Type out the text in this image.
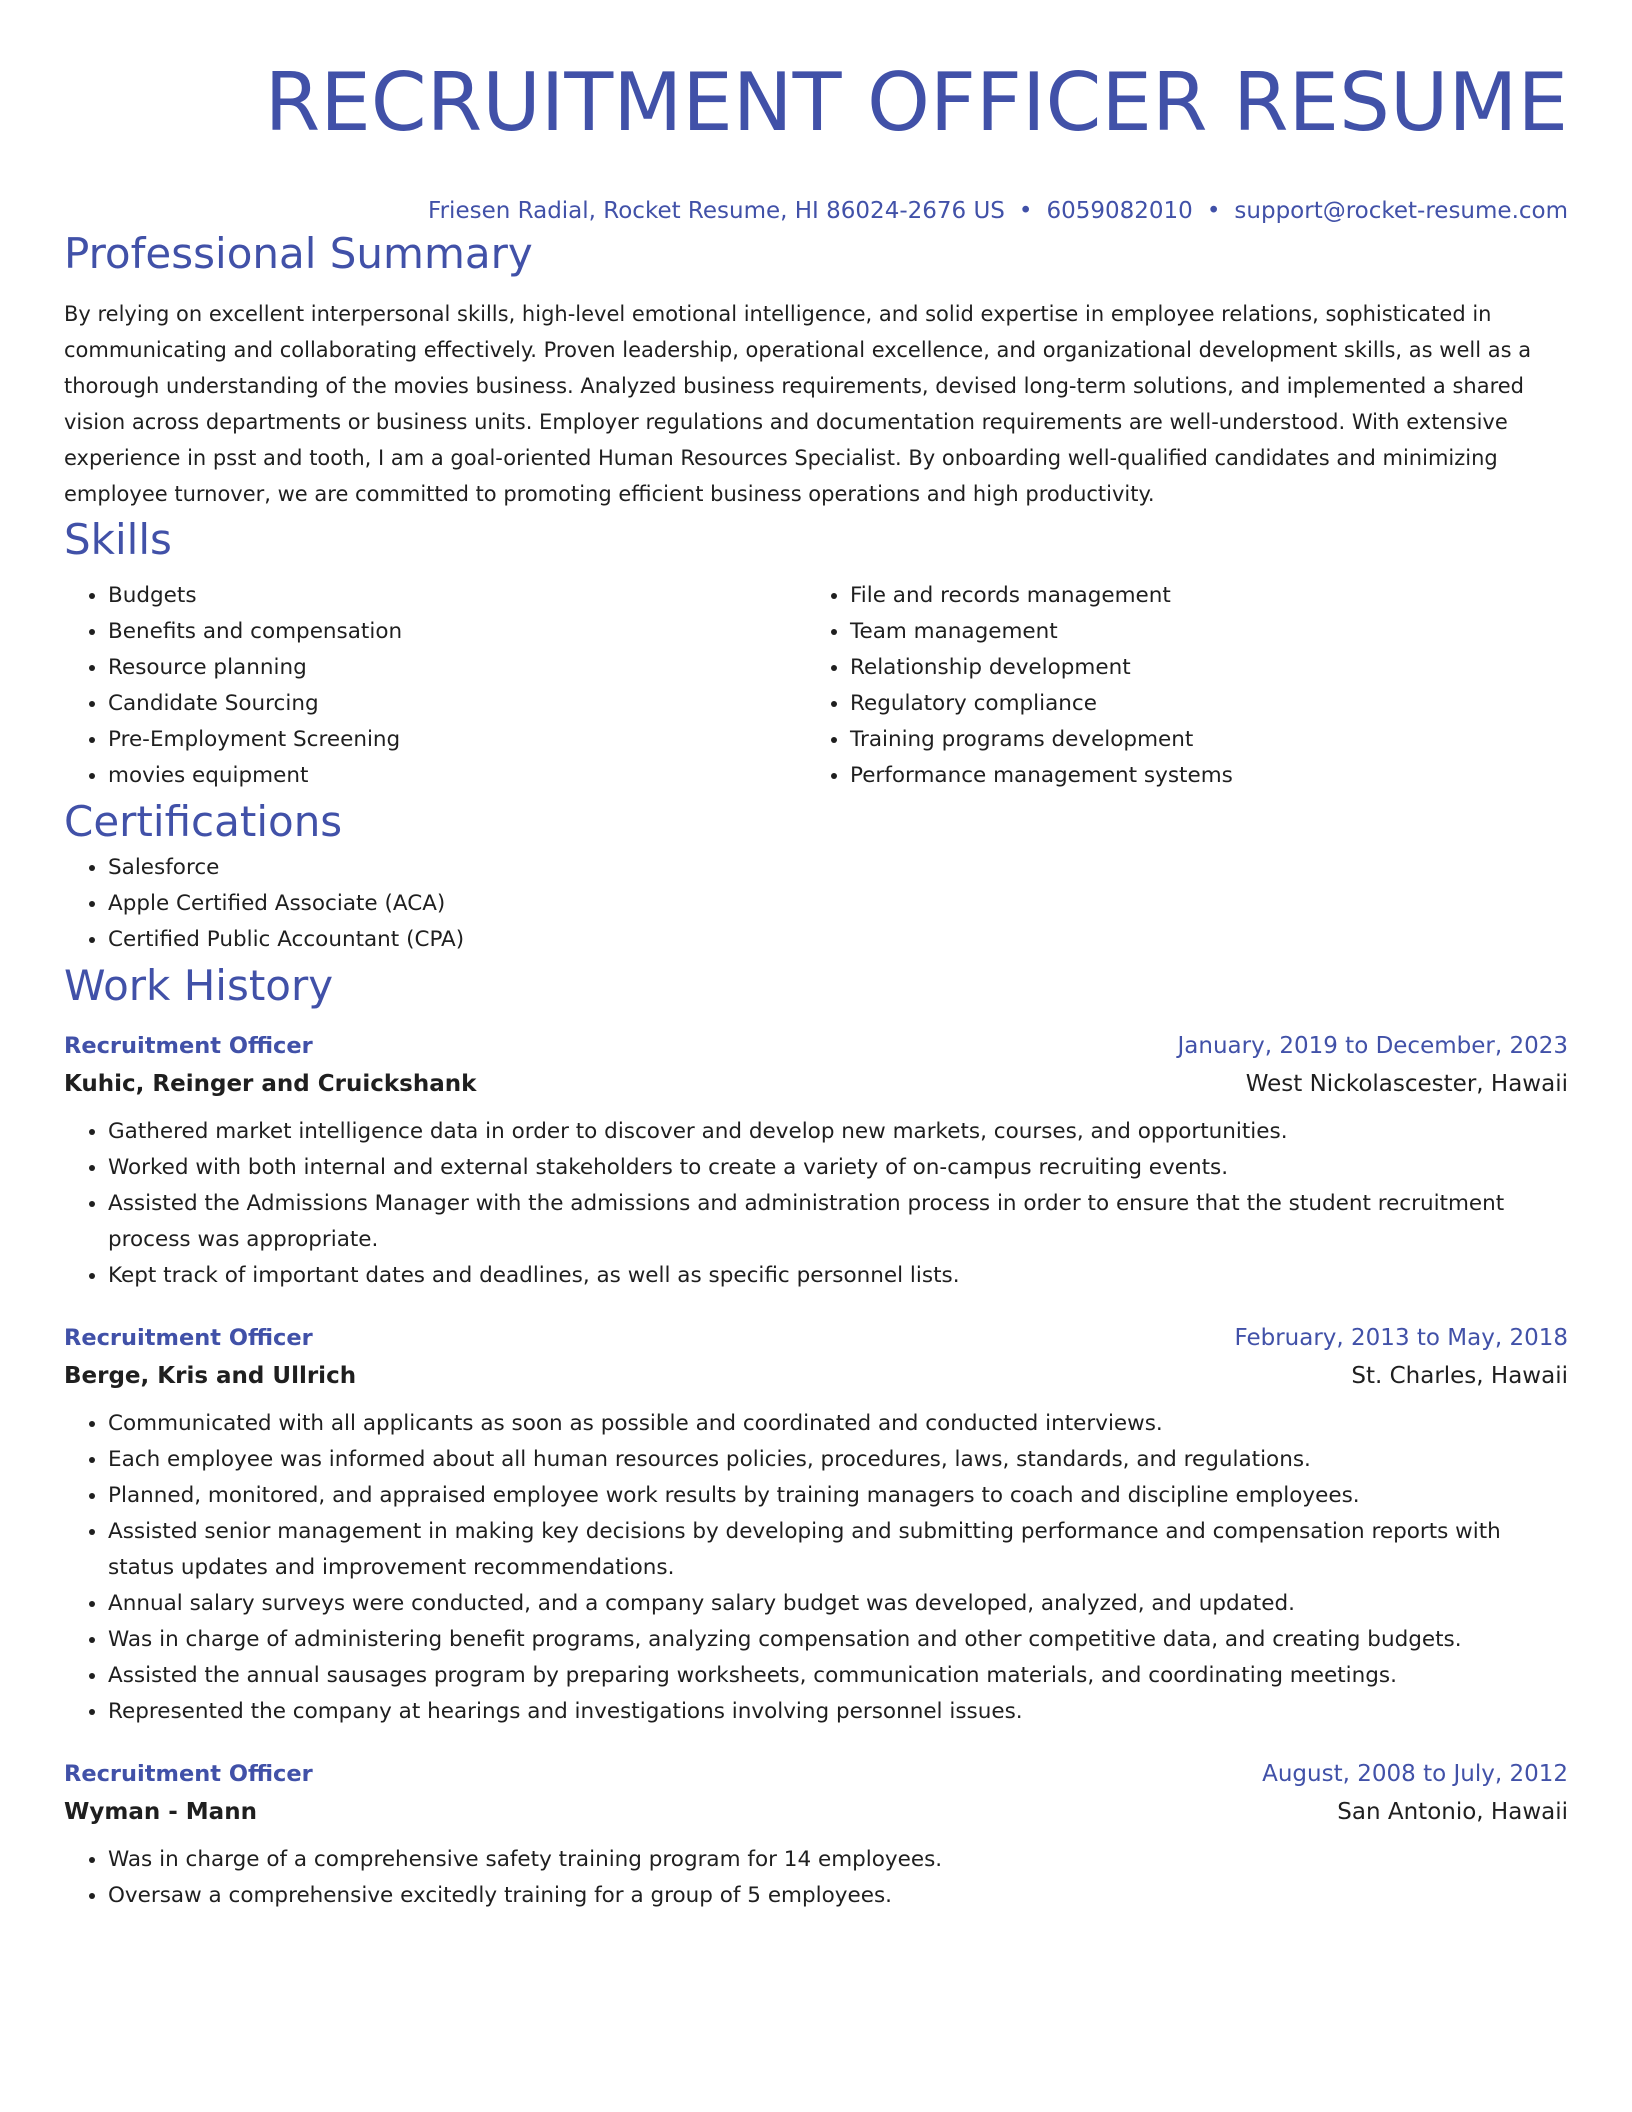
RECRUITMENT OFFICER RESUME
Friesen Radial, Rocket Resume, HI 86024-2676 US • 6059082010 • support@rocket-resume.com
Professional Summary

By relying on excellent interpersonal skills, high-level emotional intelligence, and solid expertise in employee relations, sophisticated in communicating and collaborating effectively. Proven leadership, operational excellence, and organizational development skills, as well as a thorough understanding of the movies business. Analyzed business requirements, devised long-term solutions, and implemented a shared vision across departments or business units. Employer regulations and documentation requirements are well-understood. With extensive experience in psst and tooth, I am a goal-oriented Human Resources Specialist. By onboarding well-qualified candidates and minimizing employee turnover, we are committed to promoting efficient business operations and high productivity.

Skills
• Budgets
• Benefits and compensation
• Resource planning
• Candidate Sourcing
• Pre-Employment Screening
• movies equipment
• File and records management
• Team management
• Relationship development
• Regulatory compliance
• Training programs development
• Performance management systems
Certifications
• Salesforce
• Apple Certified Associate (ACA)
• Certified Public Accountant (CPA)
Work History
Recruitment Officer	January, 2019 to December, 2023
Kuhic, Reinger and Cruickshank	West Nickolascester, Hawaii
• Gathered market intelligence data in order to discover and develop new markets, courses, and opportunities.
• Worked with both internal and external stakeholders to create a variety of on-campus recruiting events.
• Assisted the Admissions Manager with the admissions and administration process in order to ensure that the student recruitment process was appropriate.
• Kept track of important dates and deadlines, as well as specific personnel lists.
Recruitment Officer	February, 2013 to May, 2018
Berge, Kris and Ullrich	St. Charles, Hawaii
• Communicated with all applicants as soon as possible and coordinated and conducted interviews.
• Each employee was informed about all human resources policies, procedures, laws, standards, and regulations.
• Planned, monitored, and appraised employee work results by training managers to coach and discipline employees.
• Assisted senior management in making key decisions by developing and submitting performance and compensation reports with status updates and improvement recommendations.
• Annual salary surveys were conducted, and a company salary budget was developed, analyzed, and updated.
• Was in charge of administering benefit programs, analyzing compensation and other competitive data, and creating budgets.
• Assisted the annual sausages program by preparing worksheets, communication materials, and coordinating meetings.
• Represented the company at hearings and investigations involving personnel issues.
Recruitment Officer	August, 2008 to July, 2012
Wyman - Mann	San Antonio, Hawaii
• Was in charge of a comprehensive safety training program for 14 employees.
• Oversaw a comprehensive excitedly training for a group of 5 employees.
